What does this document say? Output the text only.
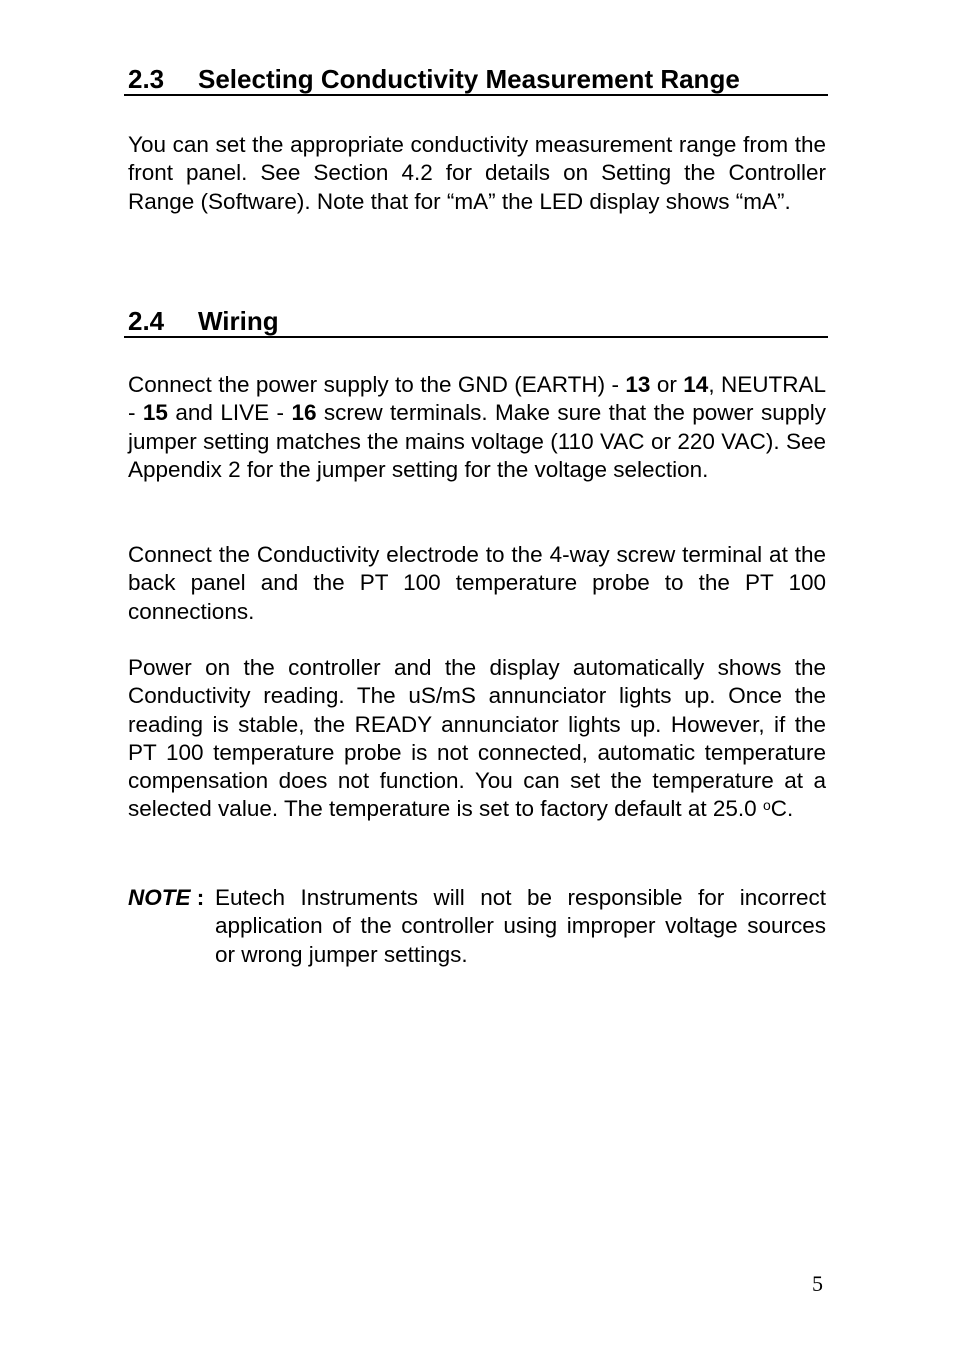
2.3 Selecting Conductivity Measurement Range

You can set the appropriate conductivity measurement range from the front panel. See Section 4.2 for details on Setting the Controller Range (Software). Note that for “mA” the LED display shows “mA”.

2.4 Wiring

Connect the power supply to the GND (EARTH) - 13 or 14, NEUTRAL - 15 and LIVE - 16 screw terminals. Make sure that the power supply jumper setting matches the mains voltage (110 VAC or 220 VAC). See Appendix 2 for the jumper setting for the voltage selection.

Connect the Conductivity electrode to the 4-way screw terminal at the back panel and the PT 100 temperature probe to the PT 100 connections.

Power on the controller and the display automatically shows the Conductivity reading. The uS/mS annunciator lights up. Once the reading is stable, the READY annunciator lights up. However, if the PT 100 temperature probe is not connected, automatic temperature compensation does not function. You can set the temperature at a selected value. The temperature is set to factory default at 25.0 $^o$C.

NOTE : Eutech Instruments will not be responsible for incorrect application of the controller using improper voltage sources or wrong jumper settings.
5
